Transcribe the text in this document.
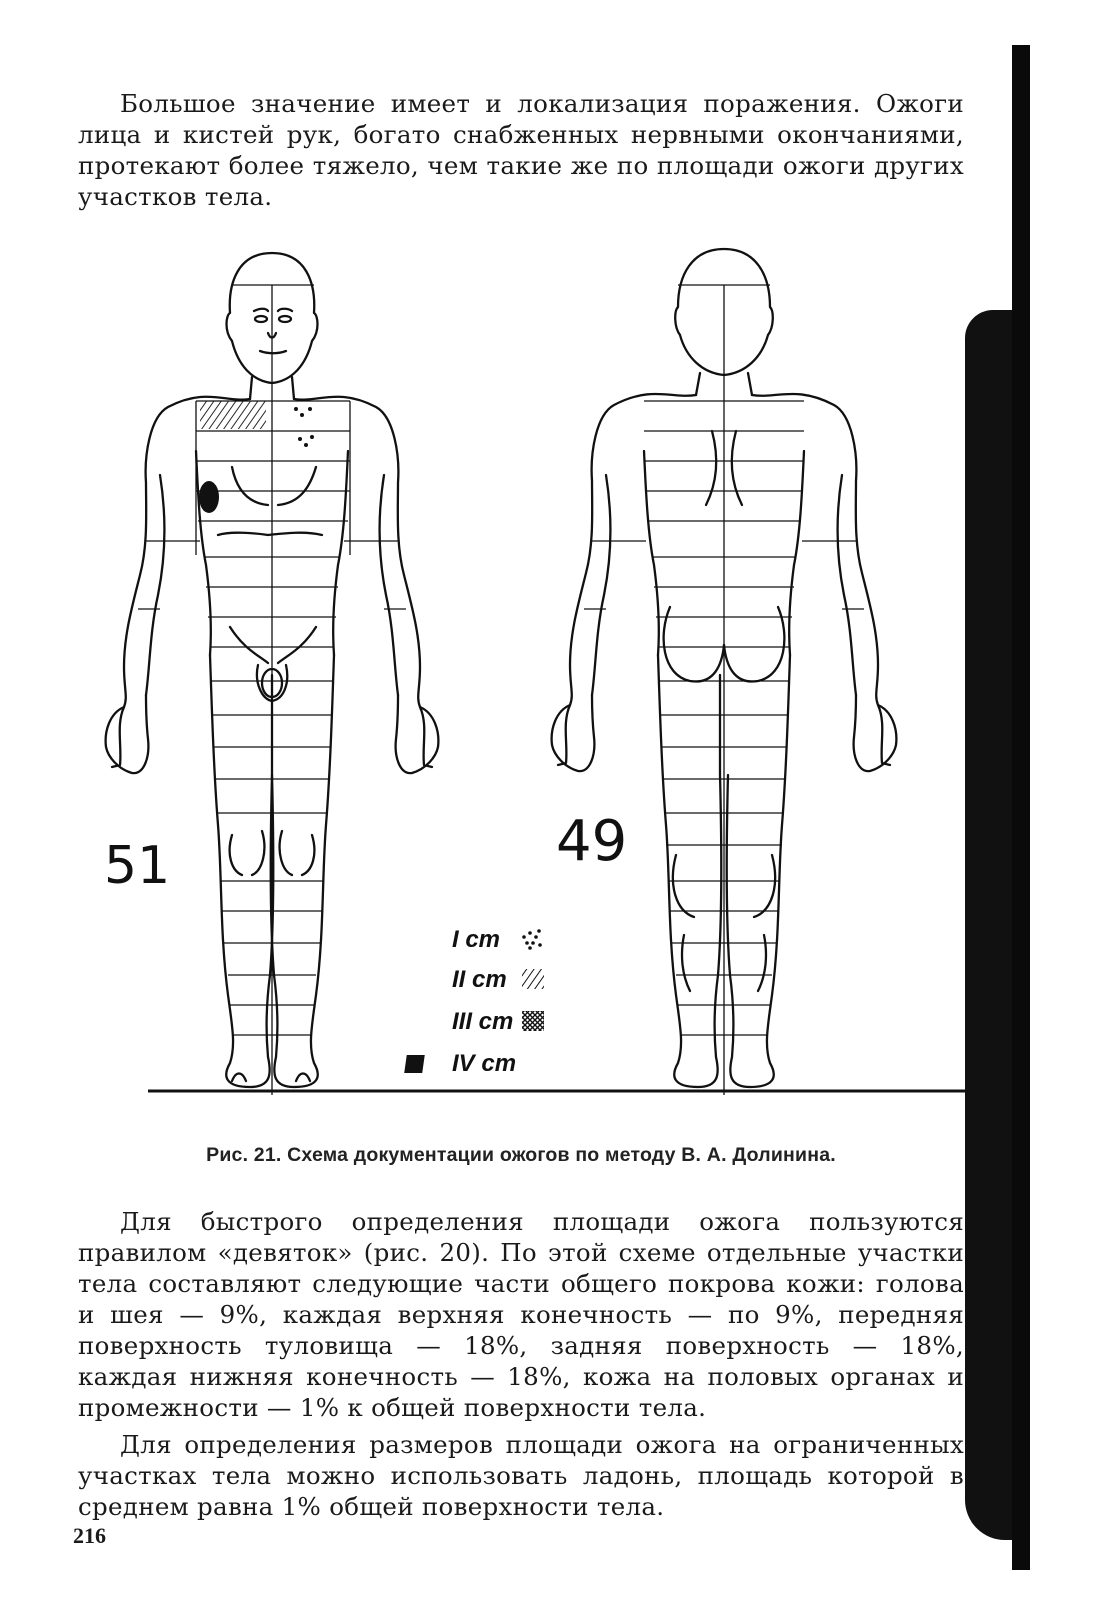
Большое значение имеет и локализация поражения. Ожоги лица и кистей рук, богато снабженных нервными окончаниями, протекают более тяжело, чем такие же по площади ожоги других участков тела.

51	49
I cm
II cm
III cm
IV cm
Рис. 21. Схема документации ожогов по методу В. А. Долинина.

Для быстрого определения площади ожога пользуются правилом «девяток» (рис. 20). По этой схеме отдельные участки тела составляют следующие части общего покрова кожи: голова и шея — 9%, каждая верхняя конечность — по 9%, передняя поверхность туловища — 18%, задняя поверхность — 18%, каждая нижняя конечность — 18%, кожа на половых органах и промежности — 1% к общей поверхности тела.

Для определения размеров площади ожога на ограниченных участках тела можно использовать ладонь, площадь которой в среднем равна 1% общей поверхности тела.

216
